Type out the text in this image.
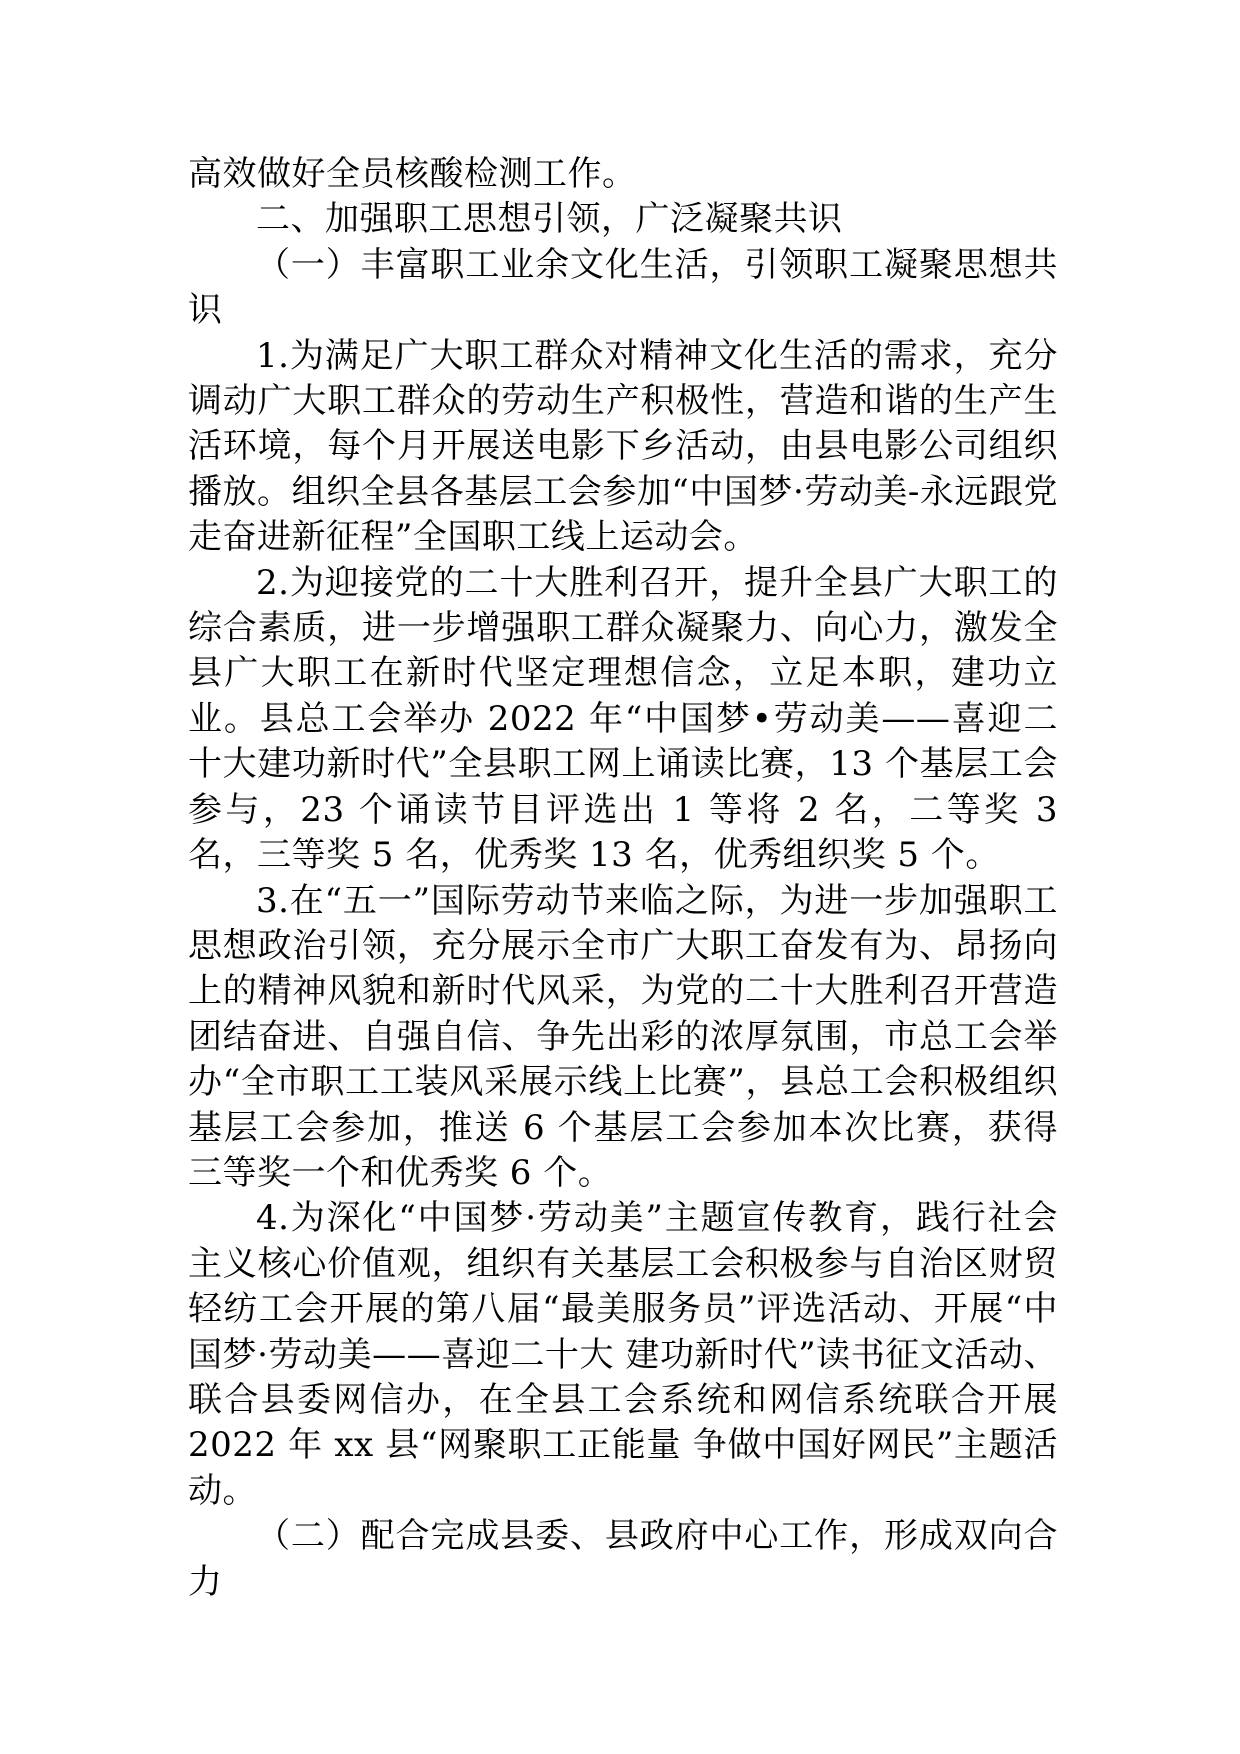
高效做好全员核酸检测工作。

二、加强职工思想引领，广泛凝聚共识

（一）丰富职工业余文化生活，引领职工凝聚思想共识

1.为满足广大职工群众对精神文化生活的需求，充分调动广大职工群众的劳动生产积极性，营造和谐的生产生活环境，每个月开展送电影下乡活动，由县电影公司组织播放。组织全县各基层工会参加“中国梦·劳动美-永远跟党走奋进新征程”全国职工线上运动会。

2.为迎接党的二十大胜利召开，提升全县广大职工的综合素质，进一步增强职工群众凝聚力、向心力，激发全县广大职工在新时代坚定理想信念，立足本职，建功立业。县总工会举办 2022 年“中国梦•劳动美——喜迎二十大建功新时代”全县职工网上诵读比赛，13 个基层工会参与，23 个诵读节目评选出 1 等将 2 名，二等奖 3 名，三等奖 5 名，优秀奖 13 名，优秀组织奖 5 个。

3.在“五一”国际劳动节来临之际，为进一步加强职工思想政治引领，充分展示全市广大职工奋发有为、昂扬向上的精神风貌和新时代风采，为党的二十大胜利召开营造团结奋进、自强自信、争先出彩的浓厚氛围，市总工会举办“全市职工工装风采展示线上比赛”，县总工会积极组织基层工会参加，推送 6 个基层工会参加本次比赛，获得三等奖一个和优秀奖 6 个。

4.为深化“中国梦·劳动美”主题宣传教育，践行社会主义核心价值观，组织有关基层工会积极参与自治区财贸轻纺工会开展的第八届“最美服务员”评选活动、开展“中国梦·劳动美——喜迎二十大 建功新时代”读书征文活动、联合县委网信办，在全县工会系统和网信系统联合开展 2022 年 xx 县“网聚职工正能量 争做中国好网民”主题活动。

（二）配合完成县委、县政府中心工作，形成双向合力
